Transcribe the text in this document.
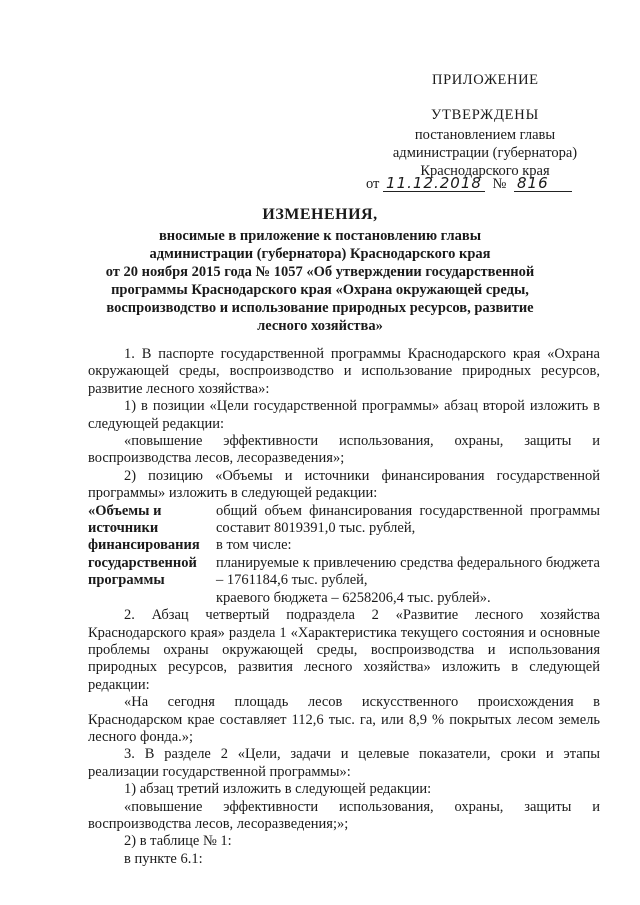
ПРИЛОЖЕНИЕ
УТВЕРЖДЕНЫ
постановлением главы
администрации (губернатора)
Краснодарского края
от 11.12.2018 № 816
ИЗМЕНЕНИЯ,
вносимые в приложение к постановлению главы
администрации (губернатора) Краснодарского края
от 20 ноября 2015 года № 1057 «Об утверждении государственной
программы Краснодарского края «Охрана окружающей среды,
воспроизводство и использование природных ресурсов, развитие
лесного хозяйства»

1. В паспорте государственной программы Краснодарского края «Охрана окружающей среды, воспроизводство и использование природных ресурсов, развитие лесного хозяйства»:

1) в позиции «Цели государственной программы» абзац второй изложить в следующей редакции:

«повышение эффективности использования, охраны, защиты и воспроизводства лесов, лесоразведения»;

2) позицию «Объемы и источники финансирования государственной программы» изложить в следующей редакции:

«Объемы и
источники
финансирования
государственной
программы
общий объем финансирования государственной программы составит 8019391,0 тыс. рублей,
в том числе:
планируемые к привлечению средства федерального бюджета – 1761184,6 тыс. рублей,
краевого бюджета – 6258206,4 тыс. рублей».

2. Абзац четвертый подраздела 2 «Развитие лесного хозяйства Краснодарского края» раздела 1 «Характеристика текущего состояния и основные проблемы охраны окружающей среды, воспроизводства и использования природных ресурсов, развития лесного хозяйства» изложить в следующей редакции:

«На сегодня площадь лесов искусственного происхождения в Краснодарском крае составляет 112,6 тыс. га, или 8,9 % покрытых лесом земель лесного фонда.»;

3. В разделе 2 «Цели, задачи и целевые показатели, сроки и этапы реализации государственной программы»:

1) абзац третий изложить в следующей редакции:

«повышение эффективности использования, охраны, защиты и воспроизводства лесов, лесоразведения;»;

2) в таблице № 1:

в пункте 6.1:
